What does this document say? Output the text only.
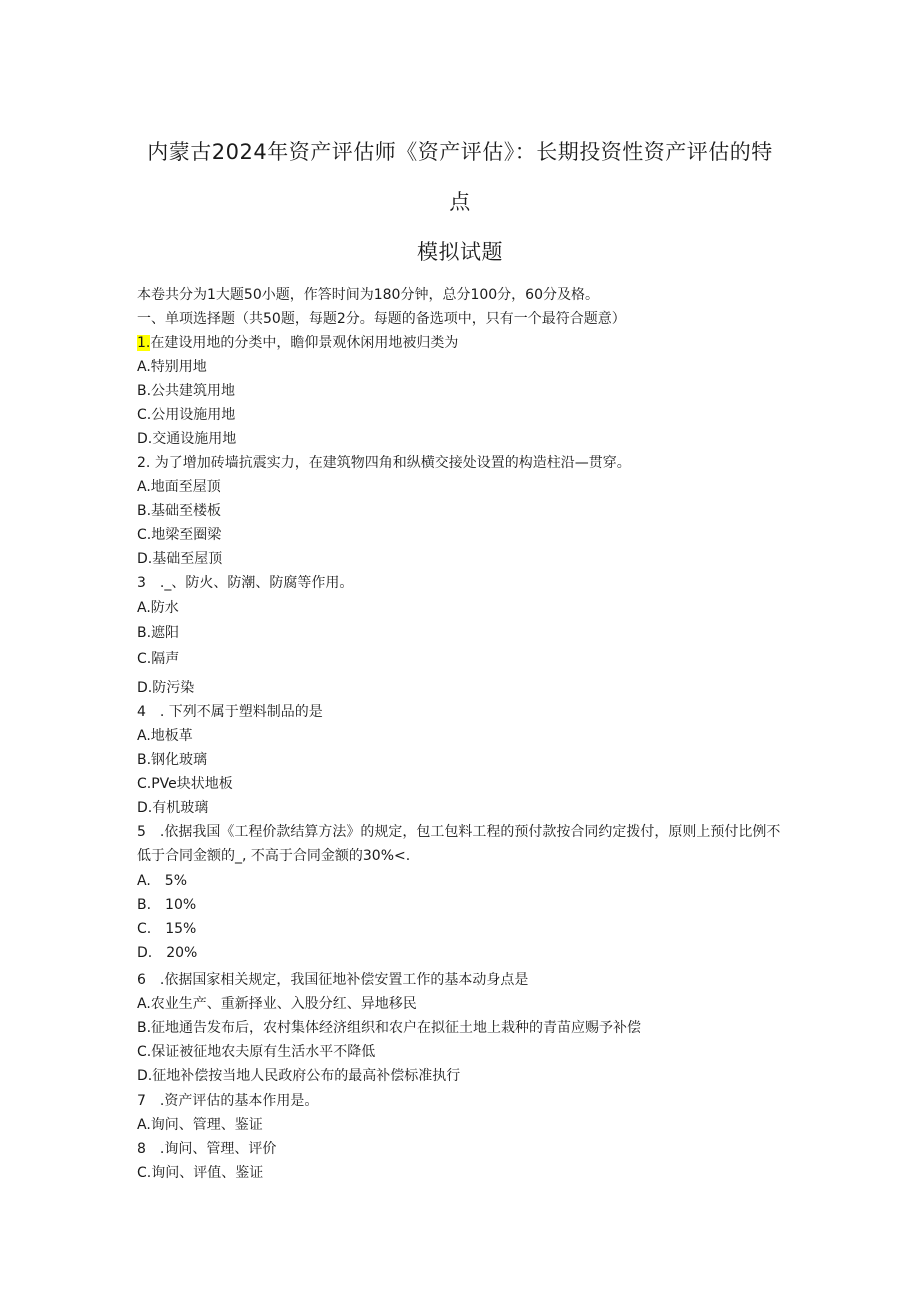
内蒙古2024年资产评估师《资产评估》：长期投资性资产评估的特
点
模拟试题

本卷共分为1大题50小题，作答时间为180分钟，总分100分，60分及格。

一、单项选择题（共50题，每题2分。每题的备选项中，只有一个最符合题意）

1.在建设用地的分类中，瞻仰景观休闲用地被归类为

A.特别用地

B.公共建筑用地

C.公用设施用地

D.交通设施用地

2. 为了增加砖墙抗震实力，在建筑物四角和纵横交接处设置的构造柱沿—贯穿。

A.地面至屋顶

B.基础至楼板

C.地梁至圈梁

D.基础至屋顶

3　._、防火、防潮、防腐等作用。

A.防水

B.遮阳

C.隔声

D.防污染

4　. 下列不属于塑料制品的是

A.地板革

B.钢化玻璃

C.PVe块状地板

D.有机玻璃

5　.依据我国《工程价款结算方法》的规定，包工包料工程的预付款按合同约定拨付，原则上预付比例不低于合同金额的_, 不高于合同金额的30%<.

A.　5%

B.　10%

C.　15%

D.　20%

6　.依据国家相关规定，我国征地补偿安置工作的基本动身点是

A.农业生产、重新择业、入股分红、异地移民

B.征地通告发布后，农村集体经济组织和农户在拟征土地上栽种的青苗应赐予补偿

C.保证被征地农夫原有生活水平不降低

D.征地补偿按当地人民政府公布的最高补偿标准执行

7　.资产评估的基本作用是。

A.询问、管理、鉴证

8　.询问、管理、评价

C.询问、评值、鉴证
